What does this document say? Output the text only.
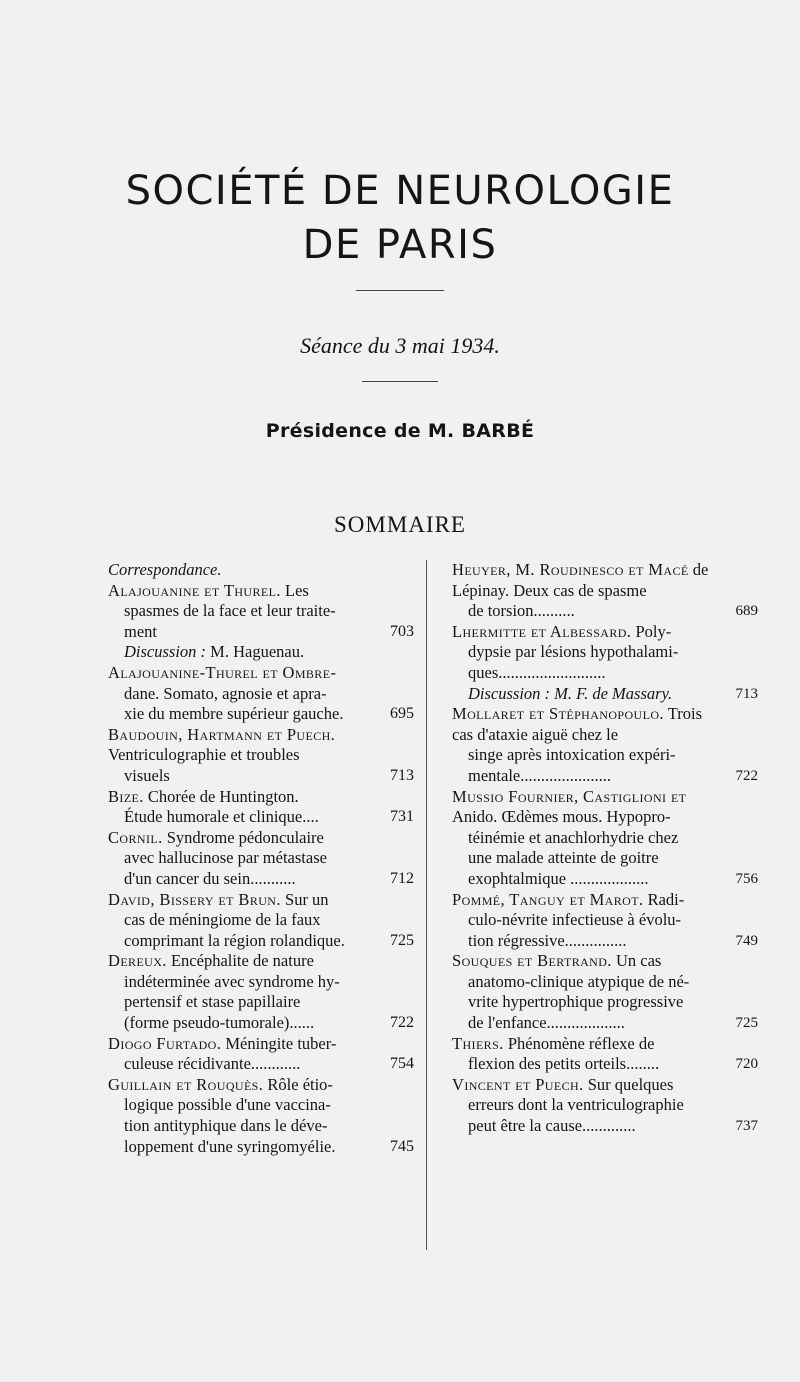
SOCIÉTÉ DE NEUROLOGIE
DE PARIS
Séance du 3 mai 1934.
Présidence de M. BARBÉ
SOMMAIRE
Correspondance.
Alajouanine et Thurel. Les
spasmes de la face et leur traite-
ment	703
Discussion : M. Haguenau.
Alajouanine-Thurel et Ombre-
dane. Somato, agnosie et apra-
xie du membre supérieur gauche.	695
Baudouin, Hartmann et Puech. Ventriculographie et troubles
visuels	713
Bize. Chorée de Huntington.
Étude humorale et clinique....	731
Cornil. Syndrome pédonculaire
avec hallucinose par métastase
d'un cancer du sein...........	712
David, Bissery et Brun. Sur un
cas de méningiome de la faux
comprimant la région rolandique.	725
Dereux. Encéphalite de nature
indéterminée avec syndrome hy-
pertensif et stase papillaire
(forme pseudo-tumorale)......	722
Diogo Furtado. Méningite tuber-
culeuse récidivante............	754
Guillain et Rouquès. Rôle étio-
logique possible d'une vaccina-
tion antityphique dans le déve-
loppement d'une syringomyélie.	745
Heuyer, M. Roudinesco et Macé de Lépinay. Deux cas de spasme
de torsion..........	689
Lhermitte et Albessard. Poly-
dypsie par lésions hypothalami-
ques..........................
Discussion : M. F. de Massary.	713
Mollaret et Stéphanopoulo. Trois cas d'ataxie aiguë chez le
singe après intoxication expéri-
mentale......................	722
Mussio Fournier, Castiglioni et Anido. Œdèmes mous. Hypopro-
téinémie et anachlorhydrie chez
une malade atteinte de goitre
exophtalmique ...................	756
Pommé, Tanguy et Marot. Radi-
culo-névrite infectieuse à évolu-
tion régressive...............	749
Souques et Bertrand. Un cas
anatomo-clinique atypique de né-
vrite hypertrophique progressive
de l'enfance...................	725
Thiers. Phénomène réflexe de
flexion des petits orteils........	720
Vincent et Puech. Sur quelques
erreurs dont la ventriculographie
peut être la cause.............	737
